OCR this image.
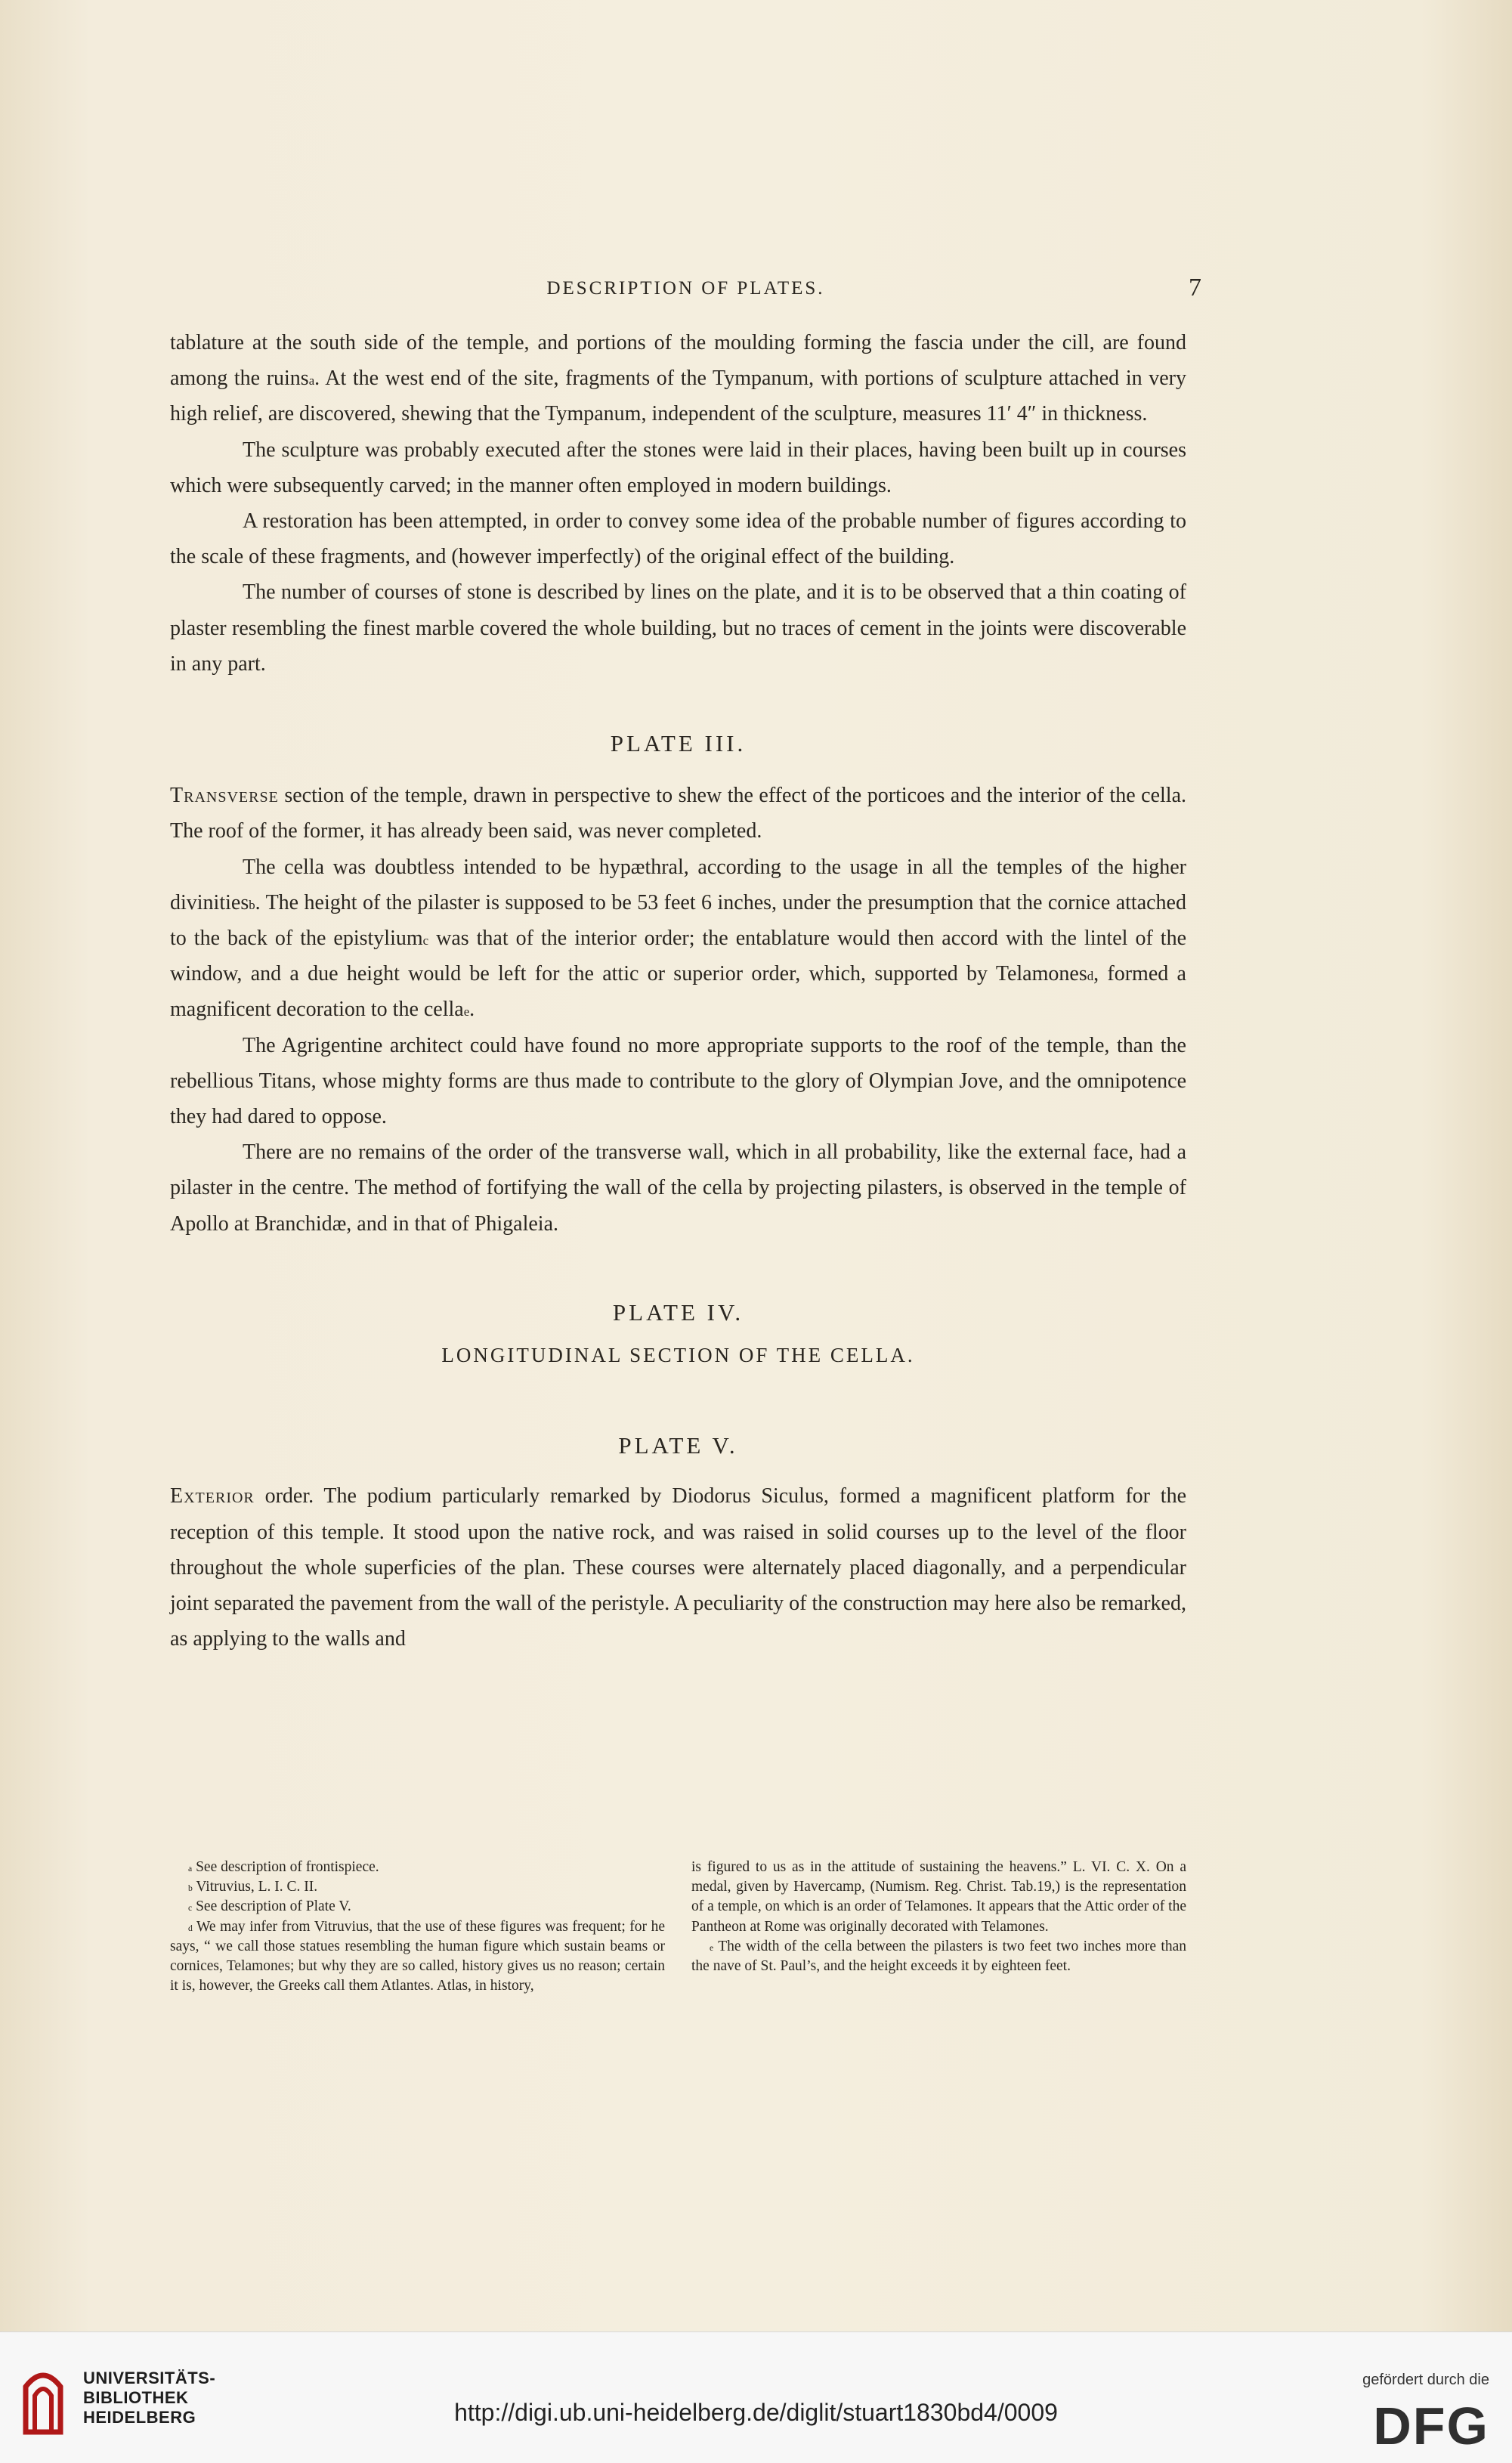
DESCRIPTION OF PLATES.	7

tablature at the south side of the temple, and portions of the moulding forming the fascia under the cill, are found among the ruins$^a$. At the west end of the site, fragments of the Tympanum, with portions of sculpture attached in very high relief, are discovered, shewing that the Tympanum, independent of the sculpture, measures 11′ 4″ in thickness.

The sculpture was probably executed after the stones were laid in their places, having been built up in courses which were subsequently carved; in the manner often employed in modern buildings.

A restoration has been attempted, in order to convey some idea of the probable number of figures according to the scale of these fragments, and (however imperfectly) of the original effect of the building.

The number of courses of stone is described by lines on the plate, and it is to be observed that a thin coating of plaster resembling the finest marble covered the whole building, but no traces of cement in the joints were discoverable in any part.

PLATE III.

Transverse section of the temple, drawn in perspective to shew the effect of the porticoes and the interior of the cella. The roof of the former, it has already been said, was never completed.

The cella was doubtless intended to be hypæthral, according to the usage in all the temples of the higher divinities$^b$. The height of the pilaster is supposed to be 53 feet 6 inches, under the presumption that the cornice attached to the back of the epistylium$^c$ was that of the interior order; the entablature would then accord with the lintel of the window, and a due height would be left for the attic or superior order, which, supported by Telamones$^d$, formed a magnificent decoration to the cella$^e$.

The Agrigentine architect could have found no more appropriate supports to the roof of the temple, than the rebellious Titans, whose mighty forms are thus made to contribute to the glory of Olympian Jove, and the omnipotence they had dared to oppose.

There are no remains of the order of the transverse wall, which in all probability, like the external face, had a pilaster in the centre. The method of fortifying the wall of the cella by projecting pilasters, is observed in the temple of Apollo at Branchidæ, and in that of Phigaleia.

PLATE IV.

LONGITUDINAL SECTION OF THE CELLA.

PLATE V.

Exterior order. The podium particularly remarked by Diodorus Siculus, formed a magnificent platform for the reception of this temple. It stood upon the native rock, and was raised in solid courses up to the level of the floor throughout the whole superficies of the plan. These courses were alternately placed diagonally, and a perpendicular joint separated the pavement from the wall of the peristyle. A peculiarity of the construction may here also be remarked, as applying to the walls and

$^a$ See description of frontispiece.

$^b$ Vitruvius, L. I. C. II.

$^c$ See description of Plate V.

$^d$ We may infer from Vitruvius, that the use of these figures was frequent; for he says, “ we call those statues resembling the human figure which sustain beams or cornices, Telamones; but why they are so called, history gives us no reason; certain it is, however, the Greeks call them Atlantes. Atlas, in history,

is figured to us as in the attitude of sustaining the heavens.” L. VI. C. X. On a medal, given by Havercamp, (Numism. Reg. Christ. Tab.19,) is the representation of a temple, on which is an order of Telamones. It appears that the Attic order of the Pantheon at Rome was originally decorated with Telamones.

$^e$ The width of the cella between the pilasters is two feet two inches more than the nave of St. Paul’s, and the height exceeds it by eighteen feet.

UNIVERSITÄTS-
BIBLIOTHEK
HEIDELBERG	http://digi.ub.uni-heidelberg.de/diglit/stuart1830bd4/0009
gefördert durch die
DFG
